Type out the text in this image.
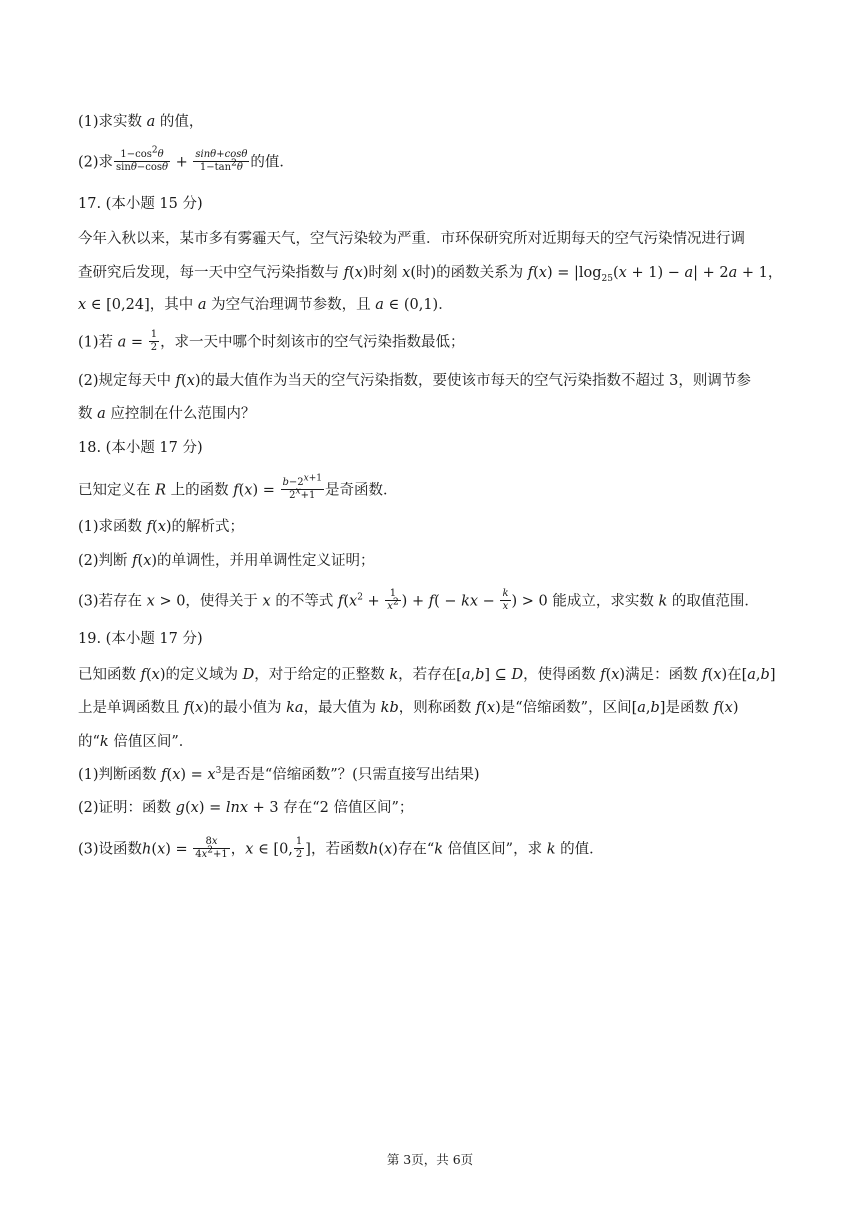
(1)求实数 a 的值，
(2)求 $\frac{1-\cos^2\theta}{\sin\theta-\cos\theta} + \frac{\sin\theta+\cos\theta}{1-\tan^2\theta}$ 的值．
17. (本小题 15 分)
今年入秋以来，某市多有雾霾天气，空气污染较为严重．市环保研究所对近期每天的空气污染情况进行调
查研究后发现，每一天中空气污染指数与 f(x)时刻 x(时)的函数关系为 $f(x) = |\log_{25}(x + 1) - a| + 2a + 1$，
x ∈ [0,24]，其中 a 为空气治理调节参数，且 a ∈ (0,1)．
(1)若 $a = \frac{1}{2}$ ，求一天中哪个时刻该市的空气污染指数最低；
(2)规定每天中 f(x)的最大值作为当天的空气污染指数，要使该市每天的空气污染指数不超过 3，则调节参
数 a 应控制在什么范围内？
18. (本小题 17 分)
已知定义在 R 上的函数 $f(x) = \frac{b-2^{x+1}}{2^x+1}$ 是奇函数．
(1)求函数 f(x)的解析式；
(2)判断 f(x)的单调性，并用单调性定义证明；
(3)若存在 x > 0，使得关于 x 的不等式 $f(x^2 + \frac{1}{x^2}$ ) + f( − kx − $\frac{k}{x}$ ) > 0 能成立，求实数 k 的取值范围．
19. (本小题 17 分)
已知函数 f(x)的定义域为 D，对于给定的正整数 k，若存在[a,b] ⊆ D，使得函数 f(x)满足：函数 f(x)在[a,b]
上是单调函数且 f(x)的最小值为 ka，最大值为 kb，则称函数 f(x)是“倍缩函数”，区间[a,b]是函数 f(x)
的“k 倍值区间”．
(1)判断函数 $f(x) = x^3$是否是“倍缩函数”？(只需直接写出结果)
(2)证明：函数 g(x) = lnx + 3 存在“2 倍值区间”；
(3)设函数$h(x) = \frac{8x}{4x^2+1}$ ，x ∈ [0, $\frac{1}{2}$ ]，若函数h(x)存在“k 倍值区间”，求 k 的值．
第 3页，共 6页
